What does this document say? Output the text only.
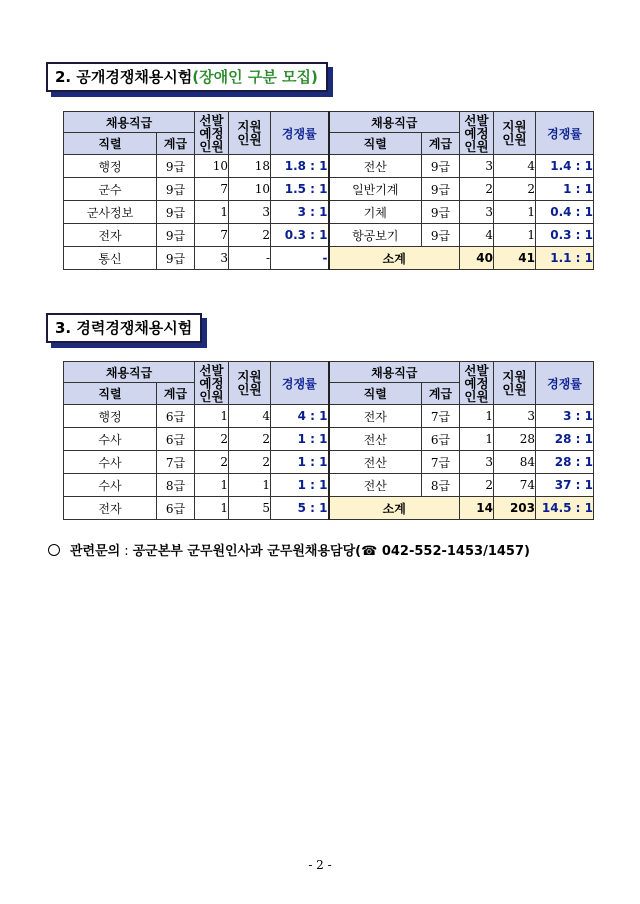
2. 공개경쟁채용시험(장애인 구분 모집)
채용직급		선발
예정
인원	지원
인원	경쟁률	채용직급		선발
예정
인원	지원
인원	경쟁률
직렬	계급				직렬	계급			
행정	9급	10	18	1.8 : 1	전산	9급	3	4	1.4 : 1
군수	9급	7	10	1.5 : 1	일반기계	9급	2	2	1 : 1
군사정보	9급	1	3	3 : 1	기체	9급	3	1	0.4 : 1
전자	9급	7	2	0.3 : 1	항공보기	9급	4	1	0.3 : 1
통신	9급	3	-	-	소계		40	41	1.1 : 1
3. 경력경쟁채용시험
채용직급		선발
예정
인원	지원
인원	경쟁률	채용직급		선발
예정
인원	지원
인원	경쟁률
직렬	계급				직렬	계급			
행정	6급	1	4	4 : 1	전자	7급	1	3	3 : 1
수사	6급	2	2	1 : 1	전산	6급	1	28	28 : 1
수사	7급	2	2	1 : 1	전산	7급	3	84	28 : 1
수사	8급	1	1	1 : 1	전산	8급	2	74	37 : 1
전자	6급	1	5	5 : 1	소계		14	203	14.5 : 1
관련문의 : 공군본부 군무원인사과 군무원채용담당(☎ 042-552-1453/1457)
- 2 -
